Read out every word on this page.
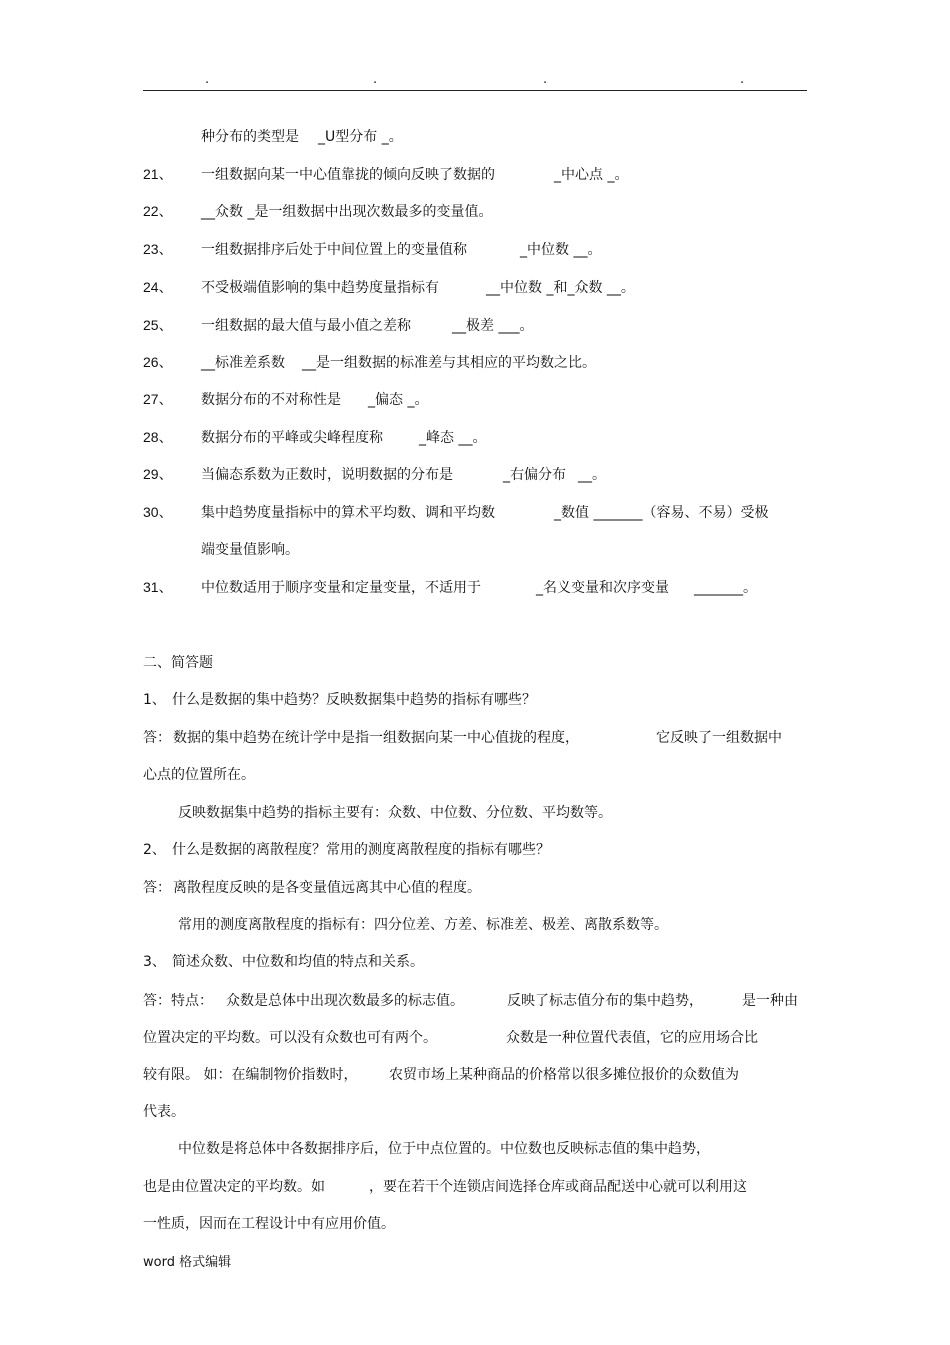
.	.	.	.
种分布的类型是 _U型分布 _。
21、 一组数据向某一中心值靠拢的倾向反映了数据的	_中心点 _。
22、 __众数 _是一组数据中出现次数最多的变量值。
23、 一组数据排序后处于中间位置上的变量值称	_中位数 __。
24、 不受极端值影响的集中趋势度量指标有	__中位数 _和_众数 __。
25、 一组数据的最大值与最小值之差称	__极差 ___。
26、 __标准差系数 __是一组数据的标准差与其相应的平均数之比。
27、 数据分布的不对称性是 _偏态 _。
28、 数据分布的平峰或尖峰程度称	_峰态 __。
29、 当偏态系数为正数时，说明数据的分布是	_右偏分布 __。
30、 集中趋势度量指标中的算术平均数、调和平均数	_数值 _______（容易、不易）受极
端变量值影响。
31、 中位数适用于顺序变量和定量变量，不适用于	_名义变量和次序变量 _______。
二、简答题
1、 什么是数据的集中趋势？反映数据集中趋势的指标有哪些？
答： 数据的集中趋势在统计学中是指一组数据向某一中心值拢的程度，	它反映了一组数据中
心点的位置所在。
反映数据集中趋势的指标主要有：众数、中位数、分位数、平均数等。
2、 什么是数据的离散程度？常用的测度离散程度的指标有哪些？
答： 离散程度反映的是各变量值远离其中心值的程度。
常用的测度离散程度的指标有：四分位差、方差、标准差、极差、离散系数等。
3、 简述众数、中位数和均值的特点和关系。
答：特点： 众数是总体中出现次数最多的标志值。	反映了标志值分布的集中趋势，	是一种由
位置决定的平均数。可以没有众数也可有两个。	众数是一种位置代表值，它的应用场合比
较有限。 如：在编制物价指数时， 农贸市场上某种商品的价格常以很多摊位报价的众数值为
代表。
中位数是将总体中各数据排序后，位于中点位置的。中位数也反映标志值的集中趋势，
也是由位置决定的平均数。如	，要在若干个连锁店间选择仓库或商品配送中心就可以利用这
一性质，因而在工程设计中有应用价值。
word 格式编辑
